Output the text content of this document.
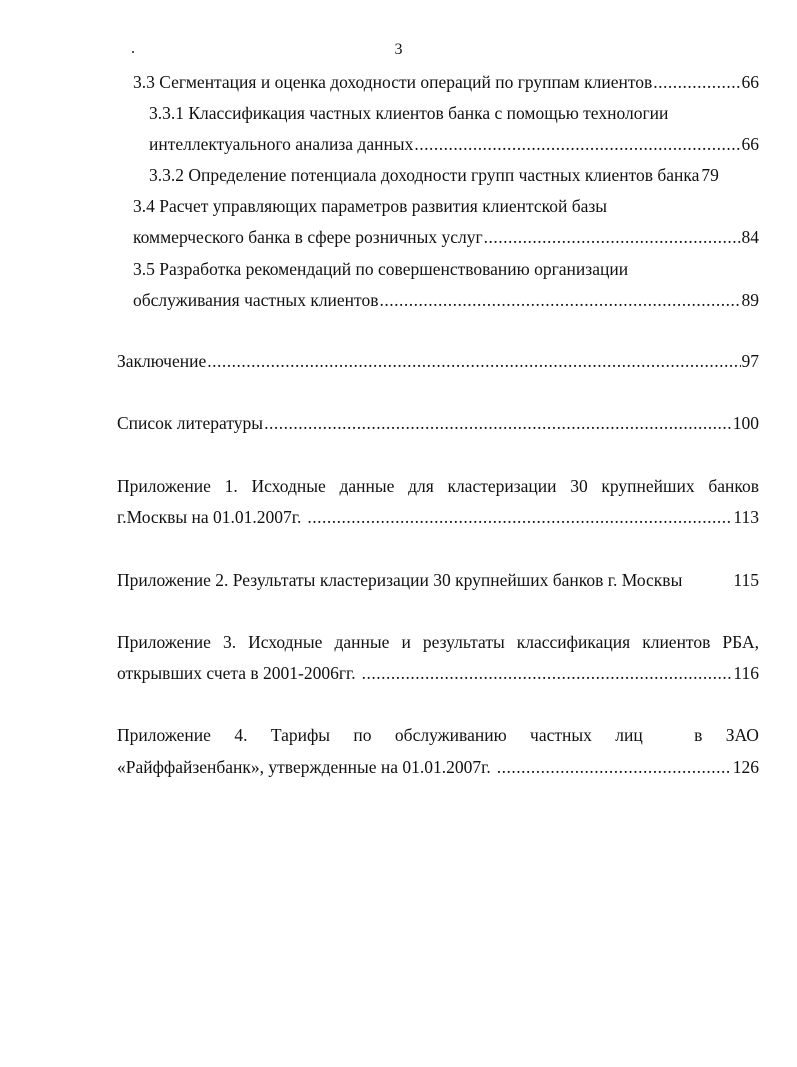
3
3.3 Сегментация и оценка доходности операций по группам клиентов .....	66
3.3.1 Классификация частных клиентов банка с помощью технологии
интеллектуального анализа данных .....	66
3.3.2 Определение потенциала доходности групп частных клиентов банка 79
3.4 Расчет управляющих параметров развития клиентской базы
коммерческого банка в сфере розничных услуг .....	84
3.5 Разработка рекомендаций по совершенствованию организации
обслуживания частных клиентов .....	89
Заключение .....	97
Список литературы .....	100
Приложение 1. Исходные данные для кластеризации 30 крупнейших банков
г.Москвы на 01.01.2007г. .....	113
Приложение 2. Результаты кластеризации 30 крупнейших банков г. Москвы	115
Приложение 3. Исходные данные и результаты классификация клиентов РБА,
открывших счета в 2001-2006гг. .....	116
Приложение 4. Тарифы по обслуживанию частных лиц	в ЗАО
«Райффайзенбанк», утвержденные на 01.01.2007г. .....	126
